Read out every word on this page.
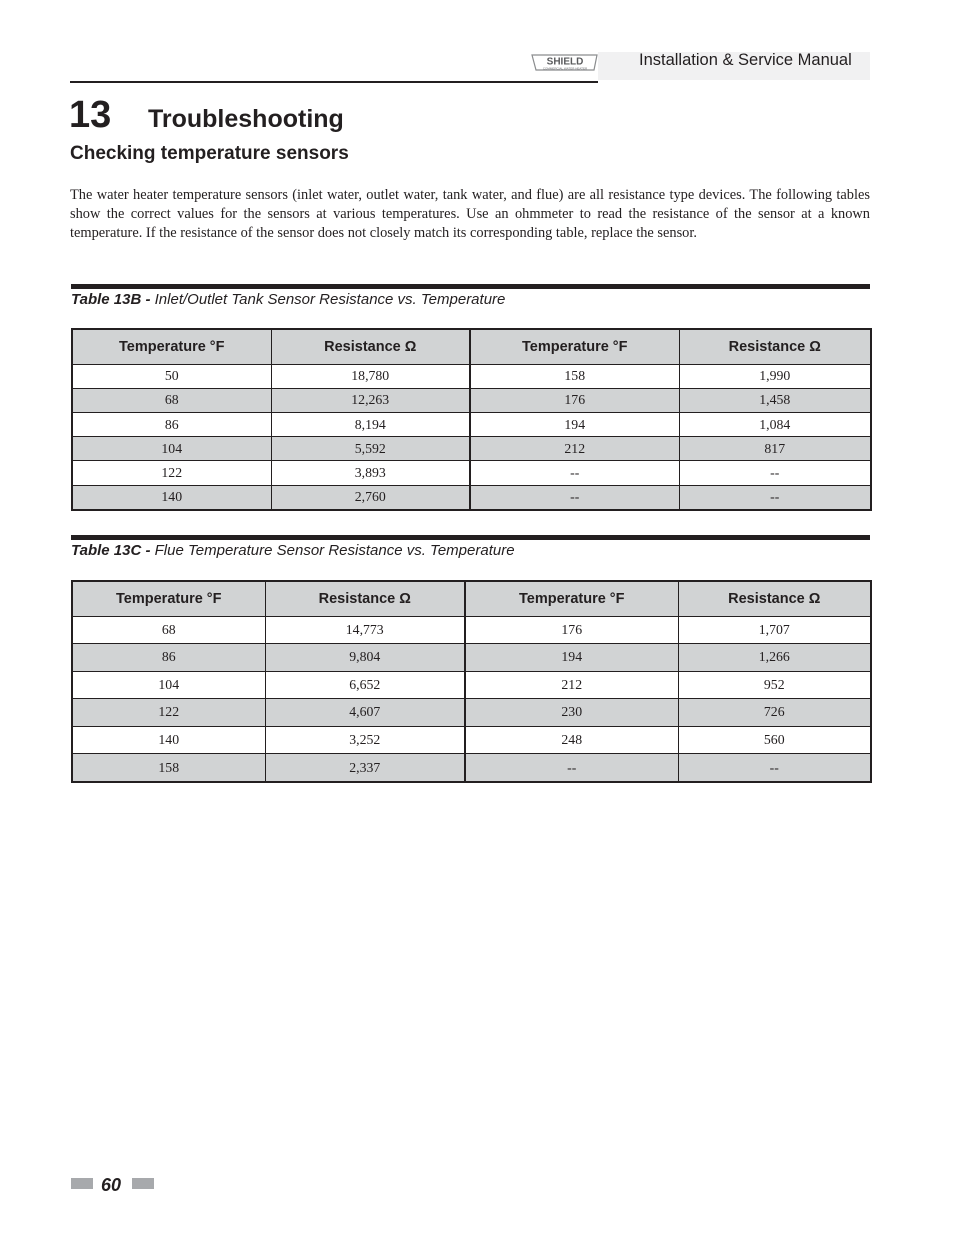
SHIELD
COMMERCIAL WATER HEATER	Installation & Service Manual
13 Troubleshooting
Checking temperature sensors

The water heater temperature sensors (inlet water, outlet water, tank water, and flue) are all resistance type devices. The following tables show the correct values for the sensors at various temperatures. Use an ohmmeter to read the resistance of the sensor at a known temperature. If the resistance of the sensor does not closely match its corresponding table, replace the sensor.

Table 13B - Inlet/Outlet Tank Sensor Resistance vs. Temperature
Temperature °F	Resistance Ω	Temperature °F	Resistance Ω
50	18,780	158	1,990
68	12,263	176	1,458
86	8,194	194	1,084
104	5,592	212	817
122	3,893	--	--
140	2,760	--	--
Table 13C - Flue Temperature Sensor Resistance vs. Temperature
Temperature °F	Resistance Ω	Temperature °F	Resistance Ω
68	14,773	176	1,707
86	9,804	194	1,266
104	6,652	212	952
122	4,607	230	726
140	3,252	248	560
158	2,337	--	--
60
